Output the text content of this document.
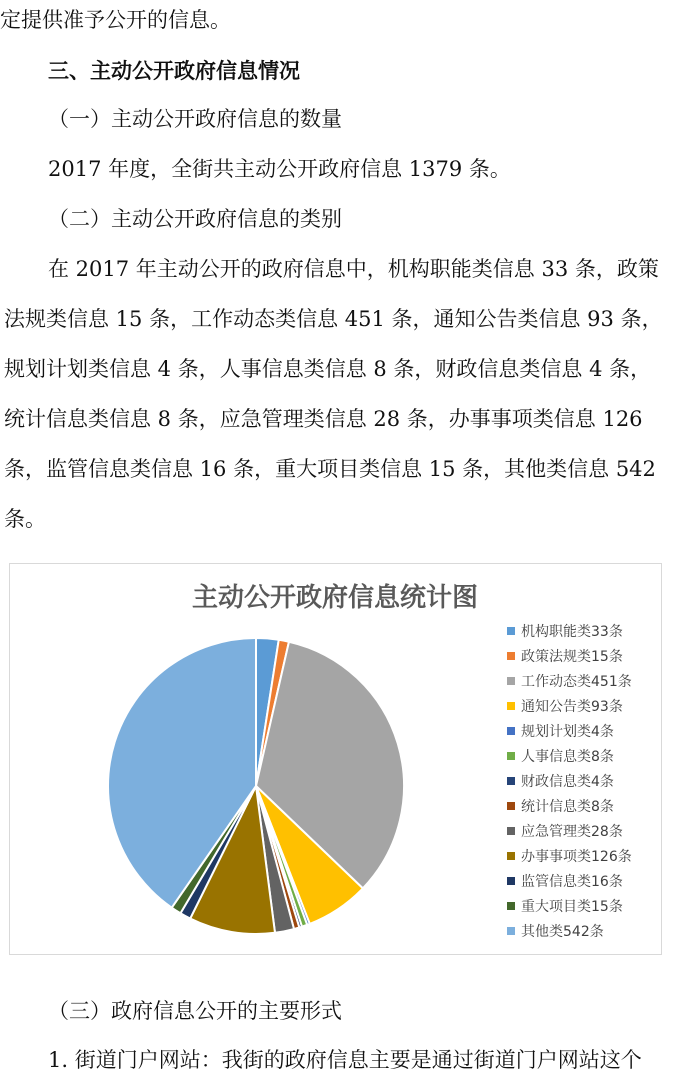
定提供准予公开的信息。
三、主动公开政府信息情况
（一）主动公开政府信息的数量
2017 年度，全街共主动公开政府信息 1379 条。
（二）主动公开政府信息的类别
在 2017 年主动公开的政府信息中，机构职能类信息 33 条，政策
法规类信息 15 条，工作动态类信息 451 条，通知公告类信息 93 条，
规划计划类信息 4 条，人事信息类信息 8 条，财政信息类信息 4 条，
统计信息类信息 8 条，应急管理类信息 28 条，办事事项类信息 126
条，监管信息类信息 16 条，重大项目类信息 15 条，其他类信息 542
条。
主动公开政府信息统计图
机构职能类33条
政策法规类15条
工作动态类451条
通知公告类93条
规划计划类4条
人事信息类8条
财政信息类4条
统计信息类8条
应急管理类28条
办事事项类126条
监管信息类16条
重大项目类15条
其他类542条
（三）政府信息公开的主要形式
1. 街道门户网站：我街的政府信息主要是通过街道门户网站这个
